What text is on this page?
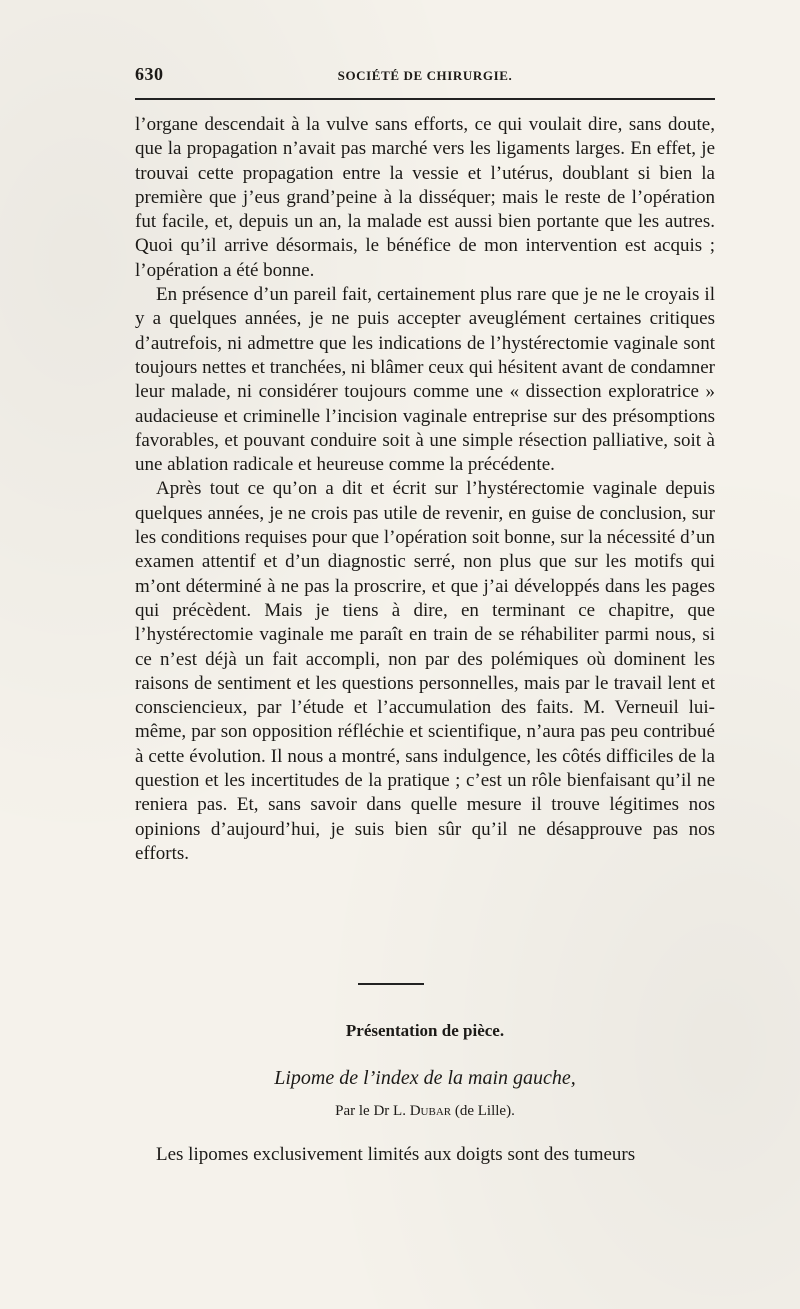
630	SOCIÉTÉ DE CHIRURGIE.

l’organe descendait à la vulve sans efforts, ce qui voulait dire, sans doute, que la propagation n’avait pas marché vers les ligaments larges. En effet, je trouvai cette propagation entre la vessie et l’utérus, doublant si bien la première que j’eus grand’peine à la disséquer; mais le reste de l’opération fut facile, et, depuis un an, la malade est aussi bien portante que les autres. Quoi qu’il arrive désormais, le bénéfice de mon intervention est acquis ; l’opération a été bonne.

En présence d’un pareil fait, certainement plus rare que je ne le croyais il y a quelques années, je ne puis accepter aveuglément certaines critiques d’autrefois, ni admettre que les indications de l’hystérectomie vaginale sont toujours nettes et tranchées, ni blâmer ceux qui hésitent avant de condamner leur malade, ni considérer toujours comme une « dissection exploratrice » audacieuse et criminelle l’incision vaginale entreprise sur des présomptions favorables, et pouvant conduire soit à une simple résection palliative, soit à une ablation radicale et heureuse comme la précédente.

Après tout ce qu’on a dit et écrit sur l’hystérectomie vaginale depuis quelques années, je ne crois pas utile de revenir, en guise de conclusion, sur les conditions requises pour que l’opération soit bonne, sur la nécessité d’un examen attentif et d’un diagnostic serré, non plus que sur les motifs qui m’ont déterminé à ne pas la proscrire, et que j’ai développés dans les pages qui précèdent. Mais je tiens à dire, en terminant ce chapitre, que l’hystérectomie vaginale me paraît en train de se réhabiliter parmi nous, si ce n’est déjà un fait accompli, non par des polémiques où dominent les raisons de sentiment et les questions personnelles, mais par le travail lent et consciencieux, par l’étude et l’accumulation des faits. M. Verneuil lui-même, par son opposition réfléchie et scientifique, n’aura pas peu contribué à cette évolution. Il nous a montré, sans indulgence, les côtés difficiles de la question et les incertitudes de la pratique ; c’est un rôle bienfaisant qu’il ne reniera pas. Et, sans savoir dans quelle mesure il trouve légitimes nos opinions d’aujourd’hui, je suis bien sûr qu’il ne désapprouve pas nos efforts.

Présentation de pièce.
Lipome de l’index de la main gauche,
Par le Dr L. Dubar (de Lille).
Les lipomes exclusivement limités aux doigts sont des tumeurs
